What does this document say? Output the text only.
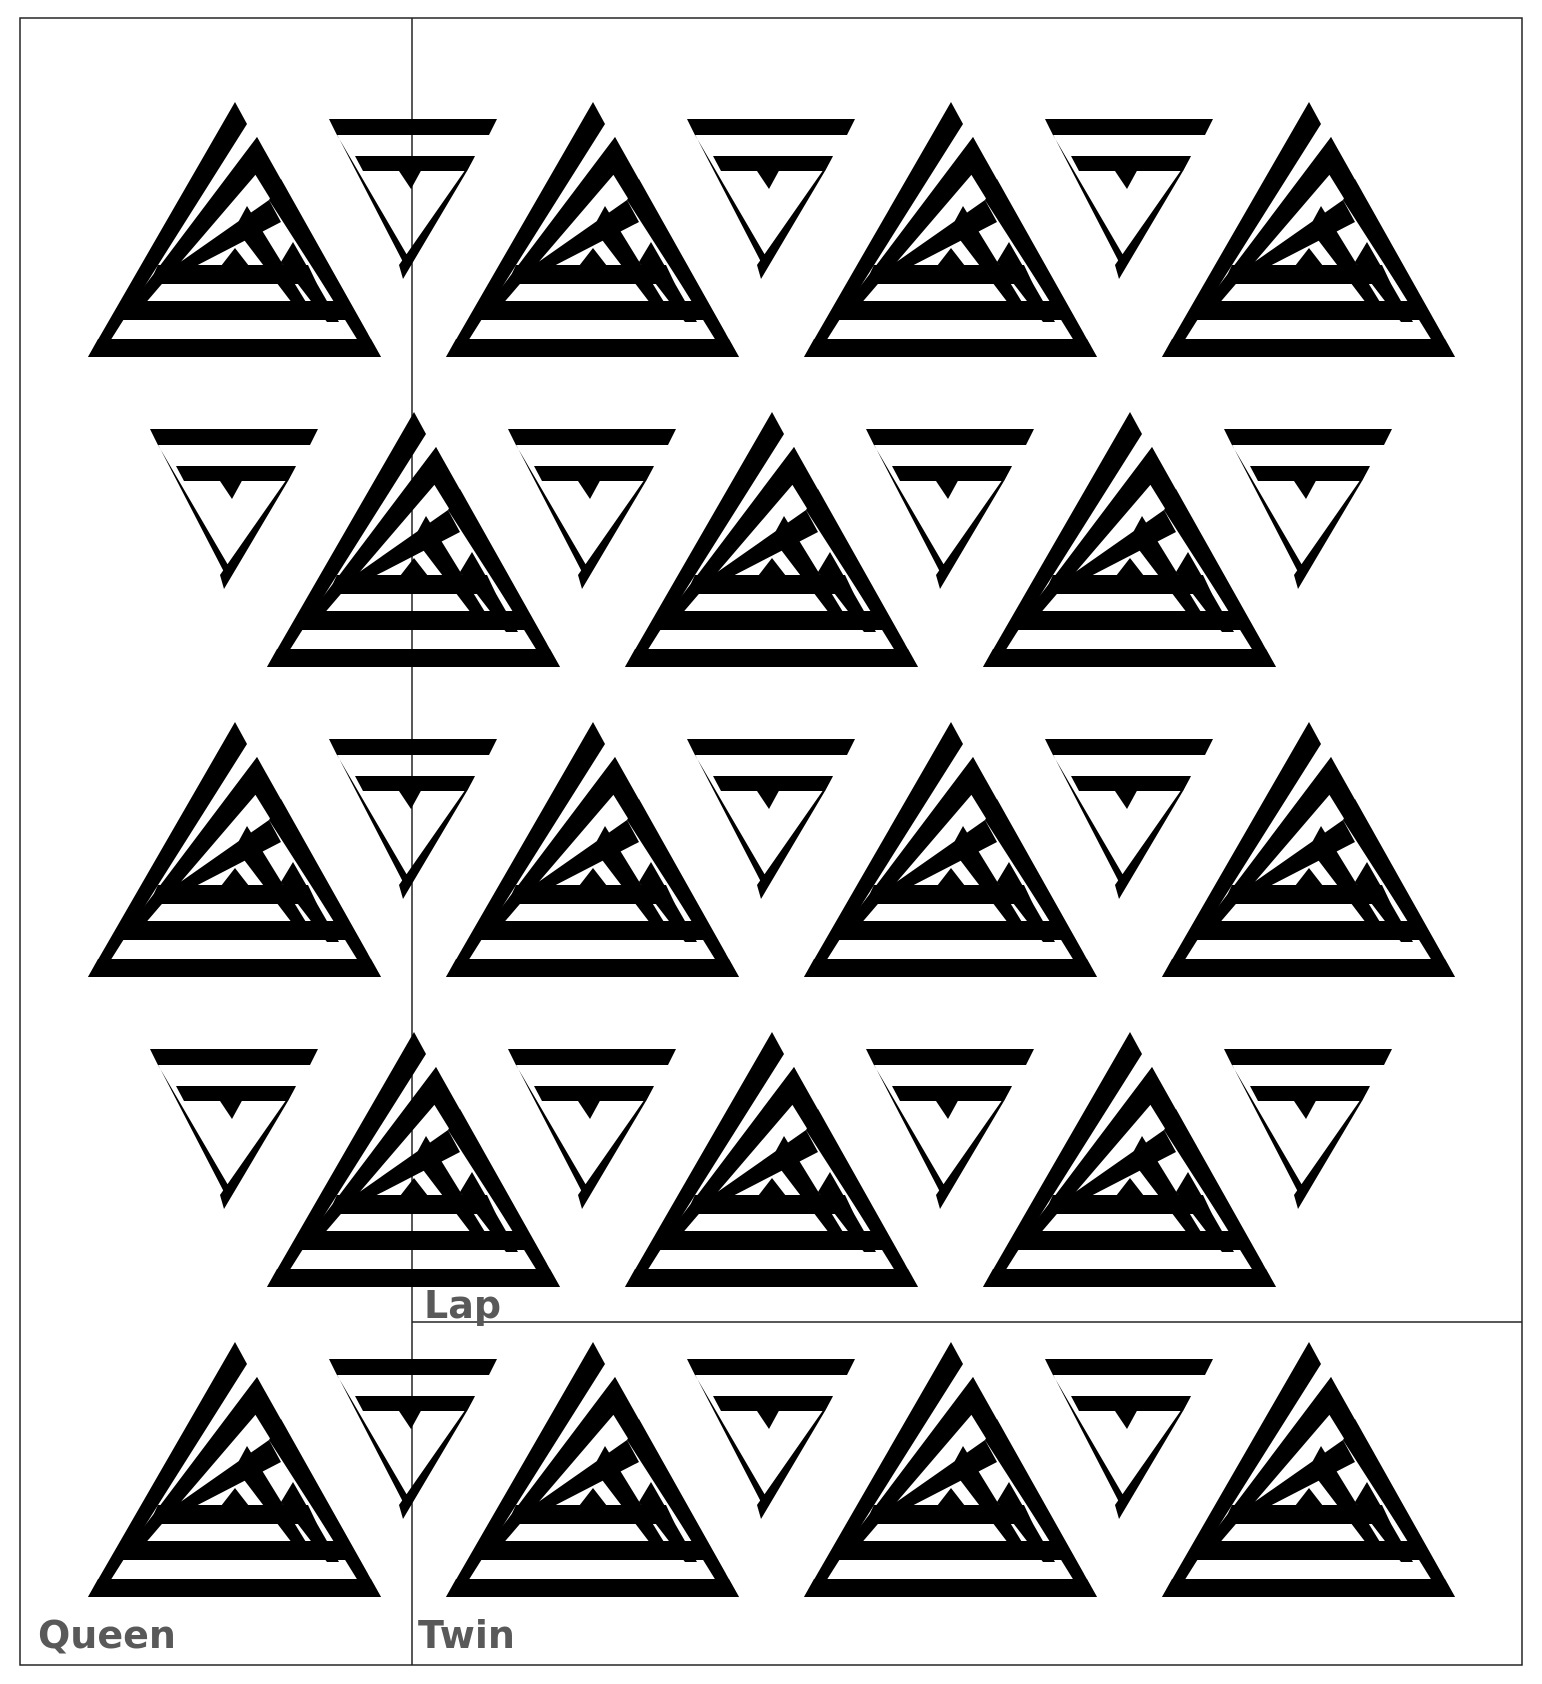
Lap
Queen	Twin
